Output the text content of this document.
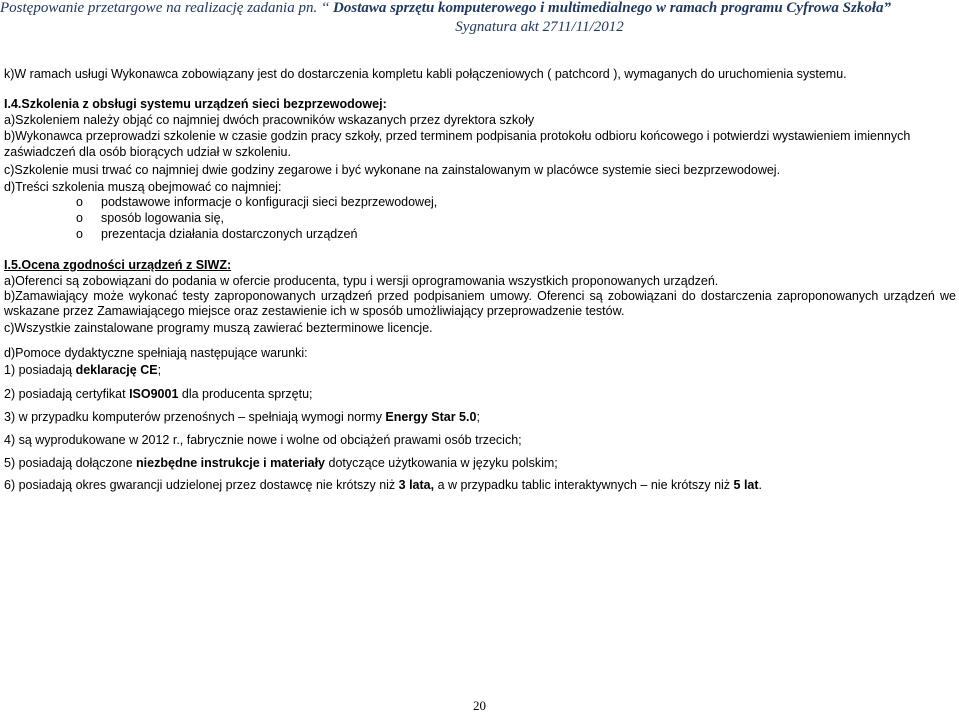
Postępowanie przetargowe na realizację zadania pn. ‘‘ Dostawa sprzętu komputerowego i multimedialnego w ramach programu Cyfrowa Szkoła”
Sygnatura akt 2711/11/2012
k)W ramach usługi Wykonawca zobowiązany jest do dostarczenia kompletu kabli połączeniowych ( patchcord ), wymaganych do uruchomienia systemu.
I.4.Szkolenia z obsługi systemu urządzeń sieci bezprzewodowej:
a)Szkoleniem należy objąć co najmniej dwóch pracowników wskazanych przez dyrektora szkoły
b)Wykonawca przeprowadzi szkolenie w czasie godzin pracy szkoły, przed terminem podpisania protokołu odbioru końcowego i potwierdzi wystawieniem imiennych zaświadczeń dla osób biorących udział w szkoleniu.
c)Szkolenie musi trwać co najmniej dwie godziny zegarowe i być wykonane na zainstalowanym w placówce systemie sieci bezprzewodowej.
d)Treści szkolenia muszą obejmować co najmniej:
o podstawowe informacje o konfiguracji sieci bezprzewodowej,
o sposób logowania się,
o prezentacja działania dostarczonych urządzeń
I.5.Ocena zgodności urządzeń z SIWZ:
a)Oferenci są zobowiązani do podania w ofercie producenta, typu i wersji oprogramowania wszystkich proponowanych urządzeń.
b)Zamawiający może wykonać testy zaproponowanych urządzeń przed podpisaniem umowy. Oferenci są zobowiązani do dostarczenia zaproponowanych urządzeń we wskazane przez Zamawiającego miejsce oraz zestawienie ich w sposób umożliwiający przeprowadzenie testów.
c)Wszystkie zainstalowane programy muszą zawierać bezterminowe licencje.
d)Pomoce dydaktyczne spełniają następujące warunki:
1) posiadają deklarację CE;
2) posiadają certyfikat ISO9001 dla producenta sprzętu;
3) w przypadku komputerów przenośnych – spełniają wymogi normy Energy Star 5.0;
4) są wyprodukowane w 2012 r., fabrycznie nowe i wolne od obciążeń prawami osób trzecich;
5) posiadają dołączone niezbędne instrukcje i materiały dotyczące użytkowania w języku polskim;
6) posiadają okres gwarancji udzielonej przez dostawcę nie krótszy niż 3 lata, a w przypadku tablic interaktywnych – nie krótszy niż 5 lat.
20
